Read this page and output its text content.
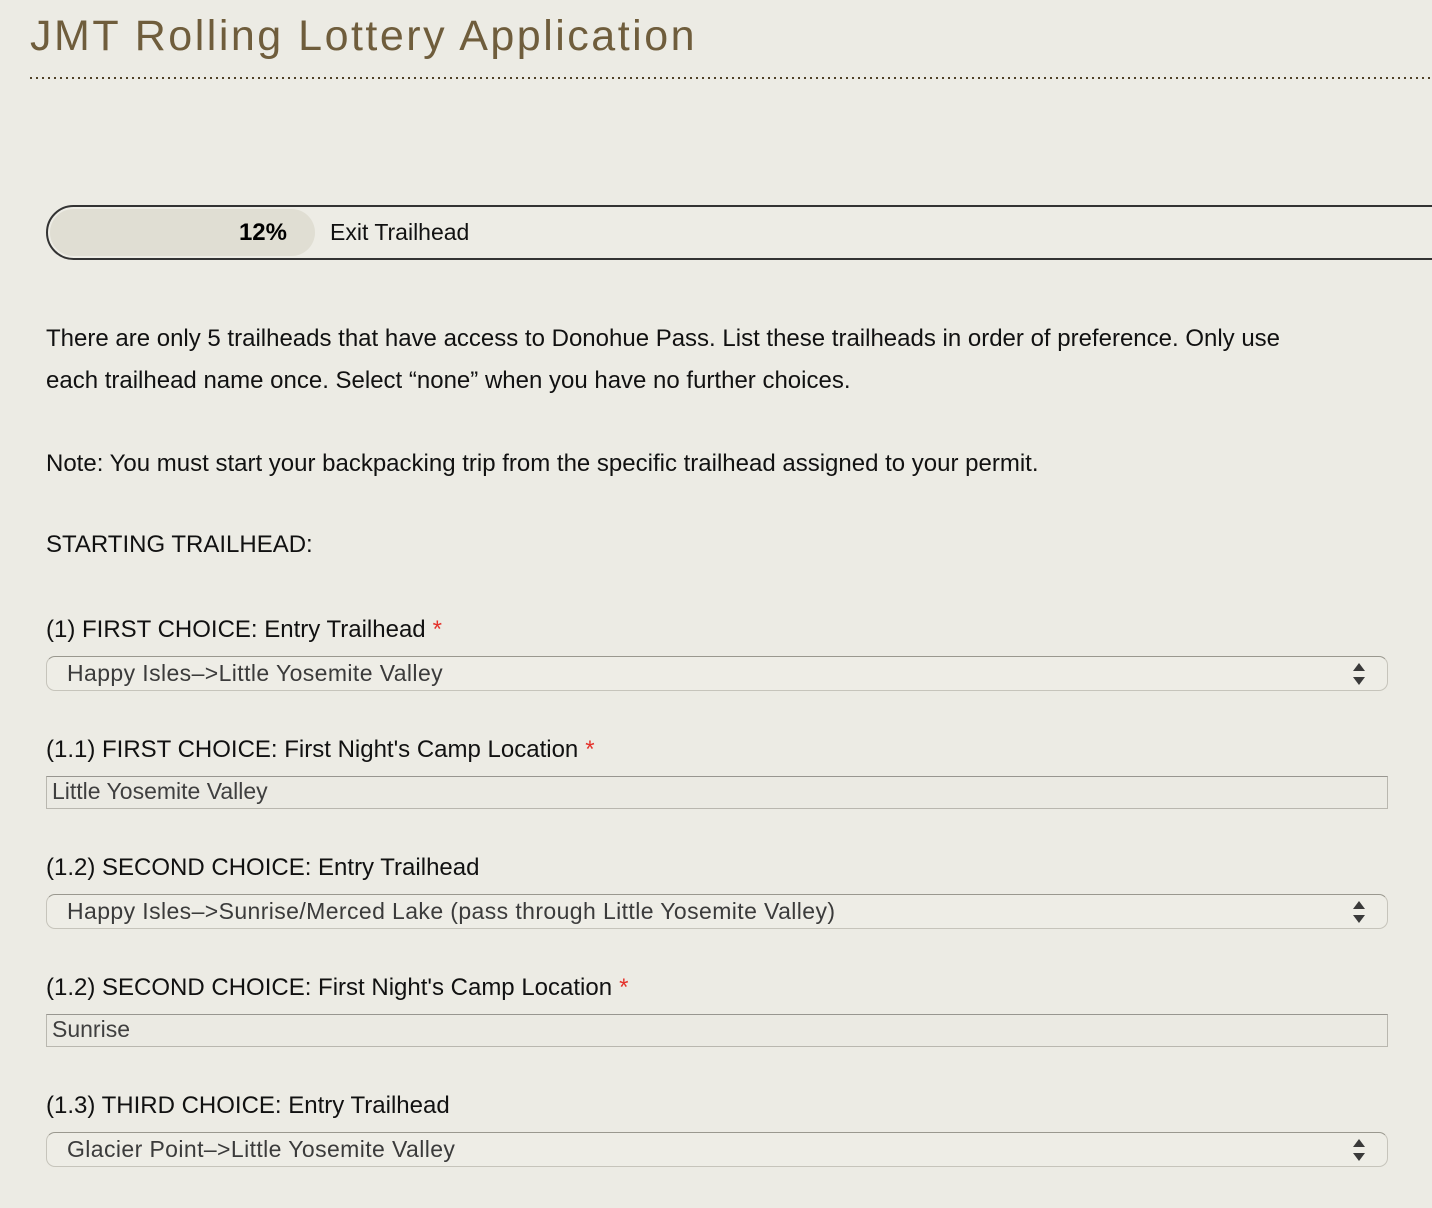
JMT Rolling Lottery Application
12% Exit Trailhead

There are only 5 trailheads that have access to Donohue Pass. List these trailheads in order of preference. Only use each trailhead name once. Select “none” when you have no further choices.

Note: You must start your backpacking trip from the specific trailhead assigned to your permit.

STARTING TRAILHEAD:
(1) FIRST CHOICE: Entry Trailhead *
Happy Isles–>Little Yosemite Valley
(1.1) FIRST CHOICE: First Night's Camp Location *
Little Yosemite Valley
(1.2) SECOND CHOICE: Entry Trailhead
Happy Isles–>Sunrise/Merced Lake (pass through Little Yosemite Valley)
(1.2) SECOND CHOICE: First Night's Camp Location *
Sunrise
(1.3) THIRD CHOICE: Entry Trailhead
Glacier Point–>Little Yosemite Valley
